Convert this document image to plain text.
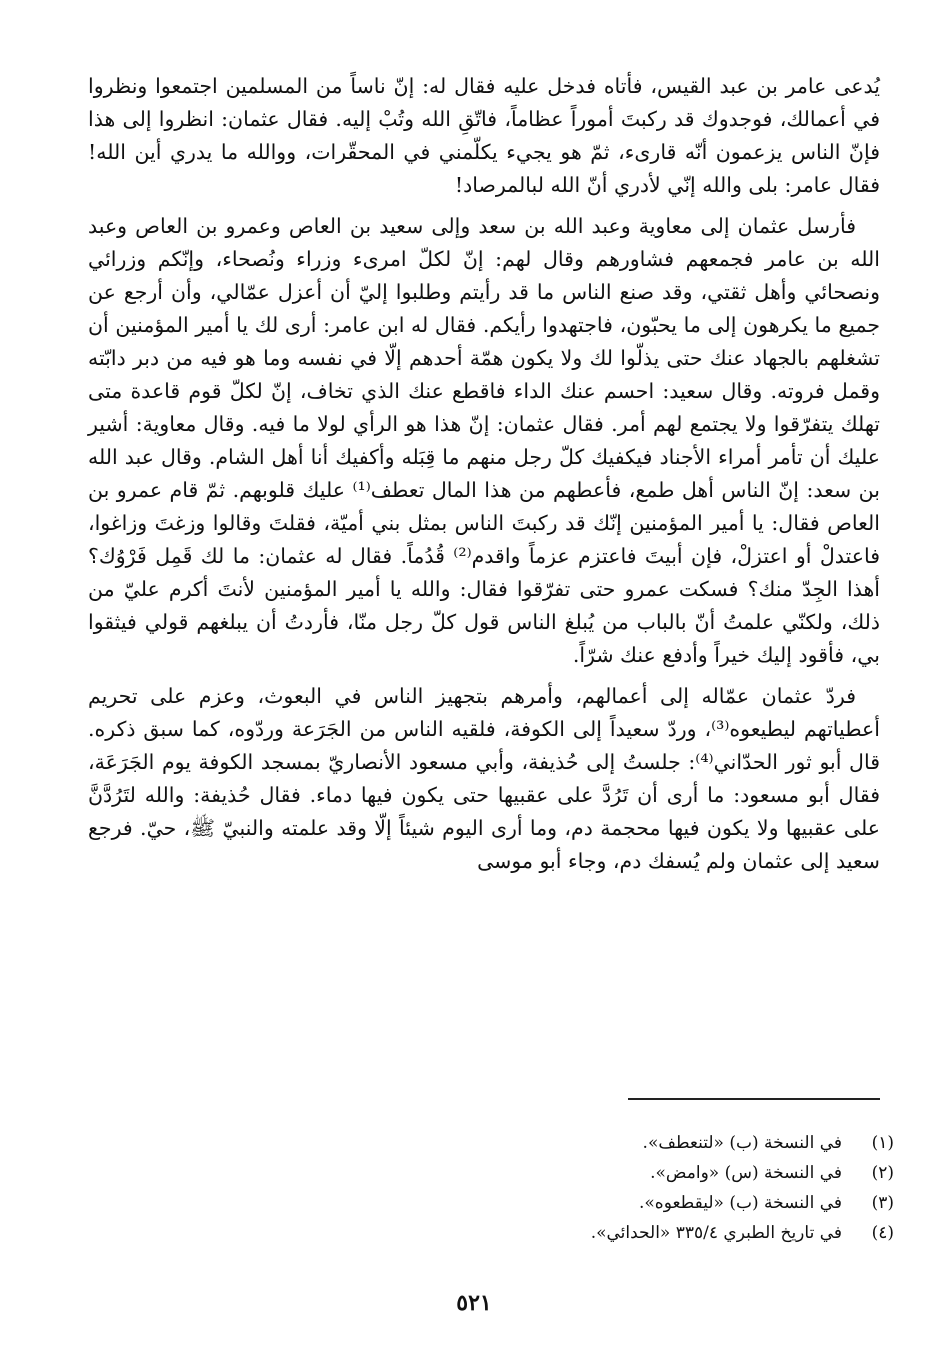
يُدعى عامر بن عبد القيس، فأتاه فدخل عليه فقال له: إنّ ناساً من المسلمين اجتمعوا ونظروا في أعمالك، فوجدوك قد ركبتَ أموراً عظاماً، فاتّقِ الله وتُبْ إليه. فقال عثمان: انظروا إلى هذا فإنّ الناس يزعمون أنّه قارىء، ثمّ هو يجيء يكلّمني في المحقّرات، ووالله ما يدري أين الله! فقال عامر: بلى والله إنّي لأدري أنّ الله لبالمرصاد!

فأرسل عثمان إلى معاوية وعبد الله بن سعد وإلى سعيد بن العاص وعمرو بن العاص وعبد الله بن عامر فجمعهم فشاورهم وقال لهم: إنّ لكلّ امرىء وزراء ونُصحاء، وإنّكم وزرائي ونصحائي وأهل ثقتي، وقد صنع الناس ما قد رأيتم وطلبوا إليّ أن أعزل عمّالي، وأن أرجع عن جميع ما يكرهون إلى ما يحبّون، فاجتهدوا رأيكم. فقال له ابن عامر: أرى لك يا أمير المؤمنين أن تشغلهم بالجهاد عنك حتى يذلّوا لك ولا يكون همّة أحدهم إلّا في نفسه وما هو فيه من دبر دابّته وقمل فروته. وقال سعيد: احسم عنك الداء فاقطع عنك الذي تخاف، إنّ لكلّ قوم قاعدة متى تهلك يتفرّقوا ولا يجتمع لهم أمر. فقال عثمان: إنّ هذا هو الرأي لولا ما فيه. وقال معاوية: أشير عليك أن تأمر أمراء الأجناد فيكفيك كلّ رجل منهم ما قِبَله وأكفيك أنا أهل الشام. وقال عبد الله بن سعد: إنّ الناس أهل طمع، فأعطهم من هذا المال تعطف⁽¹⁾ عليك قلوبهم. ثمّ قام عمرو بن العاص فقال: يا أمير المؤمنين إنّك قد ركبتَ الناس بمثل بني أميّة، فقلتَ وقالوا وزغتَ وزاغوا، فاعتدلْ أو اعتزلْ، فإن أبيتَ فاعتزم عزماً واقدم⁽²⁾ قُدُماً. فقال له عثمان: ما لك قَمِل فَرْوُك؟ أهذا الجِدّ منك؟ فسكت عمرو حتى تفرّقوا فقال: والله يا أمير المؤمنين لأنتَ أكرم عليّ من ذلك، ولكنّي علمتُ أنّ بالباب من يُبلغ الناس قول كلّ رجل منّا، فأردتُ أن يبلغهم قولي فيثقوا بي، فأقود إليك خيراً وأدفع عنك شرّاً.

فردّ عثمان عمّاله إلى أعمالهم، وأمرهم بتجهيز الناس في البعوث، وعزم على تحريم أعطياتهم ليطيعوه⁽³⁾، وردّ سعيداً إلى الكوفة، فلقيه الناس من الجَرَعة وردّوه، كما سبق ذكره. قال أبو ثور الحدّاني⁽⁴⁾: جلستُ إلى حُذيفة، وأبي مسعود الأنصاريّ بمسجد الكوفة يوم الجَرَعَة، فقال أبو مسعود: ما أرى أن تَرُدَّ على عقبيها حتى يكون فيها دماء. فقال حُذيفة: والله لتَرُدَّنَّ على عقبيها ولا يكون فيها محجمة دم، وما أرى اليوم شيئاً إلّا وقد علمته والنبيّ ﷺ، حيّ. فرجع سعيد إلى عثمان ولم يُسفك دم، وجاء أبو موسى

(١)
في النسخة (ب) «لتنعطف».
(٢)
في النسخة (س) «وامض».
(٣)
في النسخة (ب) «ليقطعوه».
(٤)
في تاريخ الطبري ٣٣٥/٤ «الحدائي».
٥٢١
